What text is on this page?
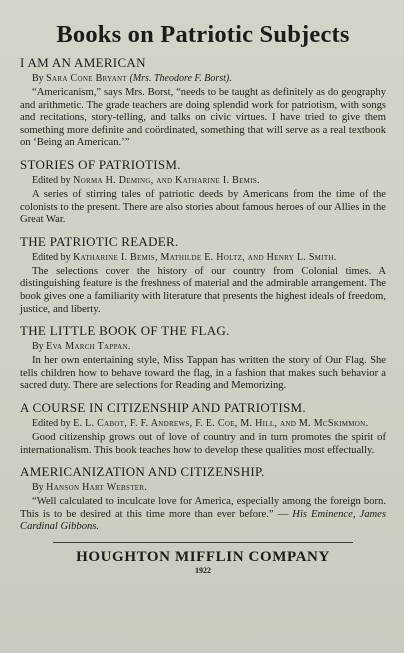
Books on Patriotic Subjects
I AM AN AMERICAN
By Sara Cone Bryant (Mrs. Theodore F. Borst).

“Americanism,” says Mrs. Borst, “needs to be taught as definitely as do geography and arithmetic. The grade teachers are doing splendid work for patriotism, with songs and recitations, story-telling, and talks on civic virtues. I have tried to give them something more definite and coördinated, something that will serve as a real textbook on ‘Being an American.’”

STORIES OF PATRIOTISM.
Edited by Norma H. Deming, and Katharine I. Bemis.

A series of stirring tales of patriotic deeds by Americans from the time of the colonists to the present. There are also stories about famous heroes of our Allies in the Great War.

THE PATRIOTIC READER.
Edited by Katharine I. Bemis, Mathilde E. Holtz, and Henry L. Smith.

The selections cover the history of our country from Colonial times. A distinguishing feature is the freshness of material and the admirable arrangement. The book gives one a familiarity with literature that presents the highest ideals of freedom, justice, and liberty.

THE LITTLE BOOK OF THE FLAG.
By Eva March Tappan.

In her own entertaining style, Miss Tappan has written the story of Our Flag. She tells children how to behave toward the flag, in a fashion that makes such behavior a sacred duty. There are selections for Reading and Memorizing.

A COURSE IN CITIZENSHIP AND PATRIOTISM.
Edited by E. L. Cabot, F. F. Andrews, F. E. Coe, M. Hill, and M. McSkimmon.

Good citizenship grows out of love of country and in turn promotes the spirit of internationalism. This book teaches how to develop these qualities most effectually.

AMERICANIZATION AND CITIZENSHIP.
By Hanson Hart Webster.

“Well calculated to inculcate love for America, especially among the foreign born. This is to be desired at this time more than ever before.” — His Eminence, James Cardinal Gibbons.

HOUGHTON MIFFLIN COMPANY
1922
